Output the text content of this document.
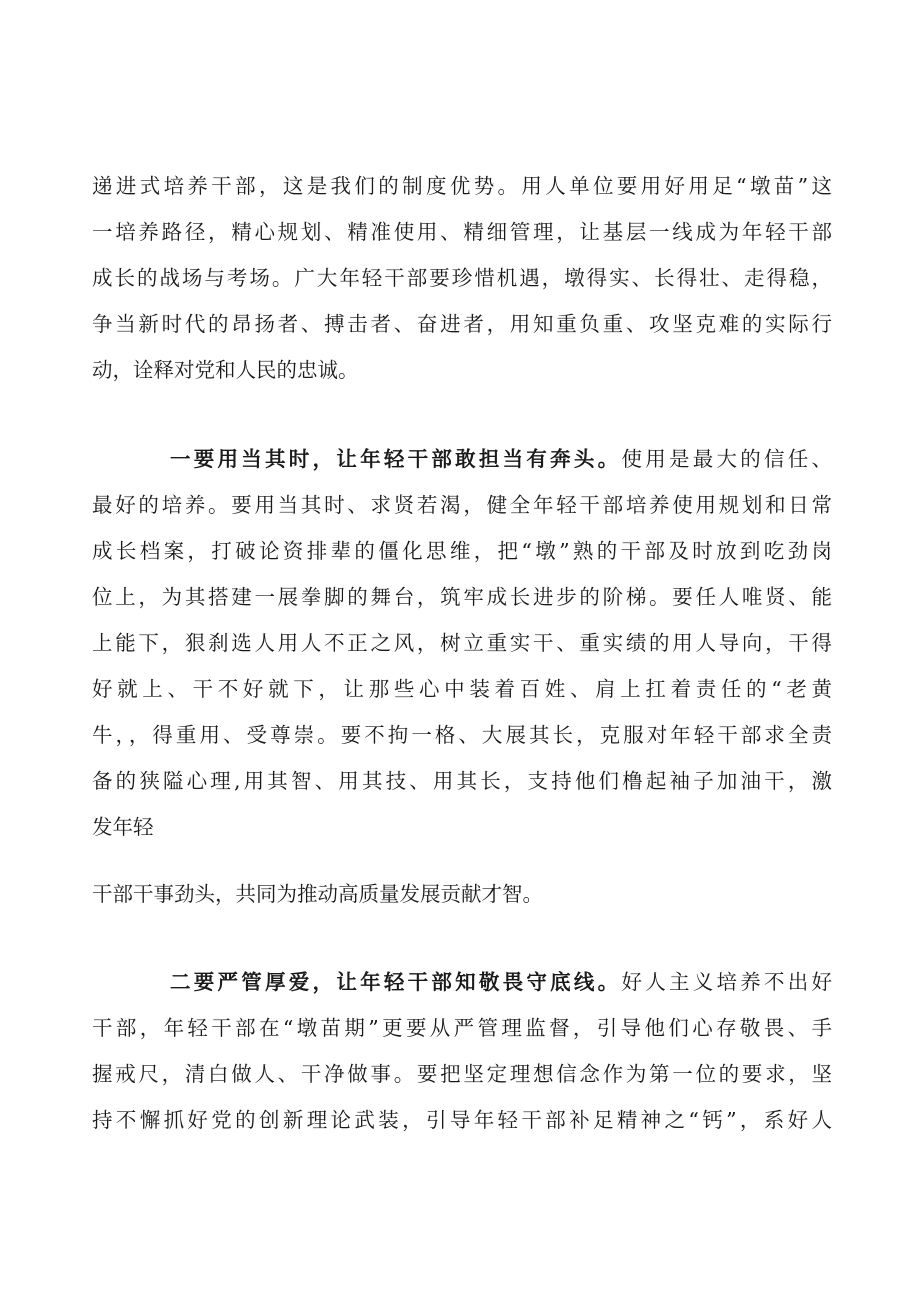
递进式培养干部，这是我们的制度优势。用人单位要用好用足“墩苗”这
一培养路径，精心规划、精准使用、精细管理，让基层一线成为年轻干部
成长的战场与考场。广大年轻干部要珍惜机遇，墩得实、长得壮、走得稳，
争当新时代的昂扬者、搏击者、奋进者，用知重负重、攻坚克难的实际行
动，诠释对党和人民的忠诚。
一要用当其时，让年轻干部敢担当有奔头。使用是最大的信任、
最好的培养。要用当其时、求贤若渴，健全年轻干部培养使用规划和日常
成长档案，打破论资排辈的僵化思维，把“墩”熟的干部及时放到吃劲岗
位上，为其搭建一展拳脚的舞台，筑牢成长进步的阶梯。要任人唯贤、能
上能下，狠刹选人用人不正之风，树立重实干、重实绩的用人导向，干得
好就上、干不好就下，让那些心中装着百姓、肩上扛着责任的“老黄
牛，，得重用、受尊崇。要不拘一格、大展其长，克服对年轻干部求全责
备的狭隘心理,用其智、用其技、用其长，支持他们橹起袖子加油干，激
发年轻
干部干事劲头，共同为推动高质量发展贡献才智。
二要严管厚爱，让年轻干部知敬畏守底线。好人主义培养不出好
干部，年轻干部在“墩苗期”更要从严管理监督，引导他们心存敬畏、手
握戒尺，清白做人、干净做事。要把坚定理想信念作为第一位的要求，坚
持不懈抓好党的创新理论武装，引导年轻干部补足精神之“钙”，系好人
